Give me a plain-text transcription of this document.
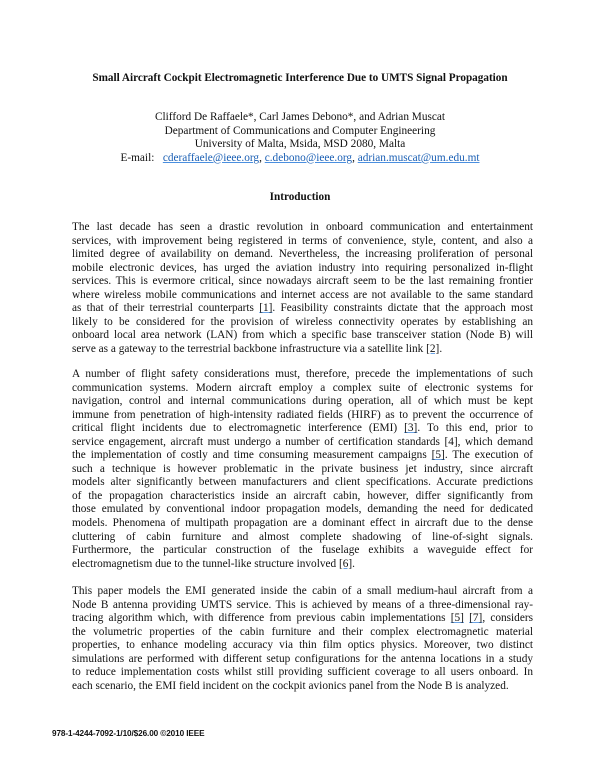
Small Aircraft Cockpit Electromagnetic Interference Due to UMTS Signal Propagation
Clifford De Raffaele*, Carl James Debono*, and Adrian Muscat
Department of Communications and Computer Engineering
University of Malta, Msida, MSD 2080, Malta
E-mail: cderaffaele@ieee.org, c.debono@ieee.org, adrian.muscat@um.edu.mt
Introduction
The last decade has seen a drastic revolution in onboard communication and entertainment
services, with improvement being registered in terms of convenience, style, content, and also a
limited degree of availability on demand. Nevertheless, the increasing proliferation of personal
mobile electronic devices, has urged the aviation industry into requiring personalized in-flight
services. This is evermore critical, since nowadays aircraft seem to be the last remaining frontier
where wireless mobile communications and internet access are not available to the same standard
as that of their terrestrial counterparts [1]. Feasibility constraints dictate that the approach most
likely to be considered for the provision of wireless connectivity operates by establishing an
onboard local area network (LAN) from which a specific base transceiver station (Node B) will
serve as a gateway to the terrestrial backbone infrastructure via a satellite link [2].
A number of flight safety considerations must, therefore, precede the implementations of such
communication systems. Modern aircraft employ a complex suite of electronic systems for
navigation, control and internal communications during operation, all of which must be kept
immune from penetration of high-intensity radiated fields (HIRF) as to prevent the occurrence of
critical flight incidents due to electromagnetic interference (EMI) [3]. To this end, prior to
service engagement, aircraft must undergo a number of certification standards [4], which demand
the implementation of costly and time consuming measurement campaigns [5]. The execution of
such a technique is however problematic in the private business jet industry, since aircraft
models alter significantly between manufacturers and client specifications. Accurate predictions
of the propagation characteristics inside an aircraft cabin, however, differ significantly from
those emulated by conventional indoor propagation models, demanding the need for dedicated
models. Phenomena of multipath propagation are a dominant effect in aircraft due to the dense
cluttering of cabin furniture and almost complete shadowing of line-of-sight signals.
Furthermore, the particular construction of the fuselage exhibits a waveguide effect for
electromagnetism due to the tunnel-like structure involved [6].
This paper models the EMI generated inside the cabin of a small medium-haul aircraft from a
Node B antenna providing UMTS service. This is achieved by means of a three-dimensional ray-
tracing algorithm which, with difference from previous cabin implementations [5] [7], considers
the volumetric properties of the cabin furniture and their complex electromagnetic material
properties, to enhance modeling accuracy via thin film optics physics. Moreover, two distinct
simulations are performed with different setup configurations for the antenna locations in a study
to reduce implementation costs whilst still providing sufficient coverage to all users onboard. In
each scenario, the EMI field incident on the cockpit avionics panel from the Node B is analyzed.
978-1-4244-7092-1/10/$26.00 ©2010 IEEE
